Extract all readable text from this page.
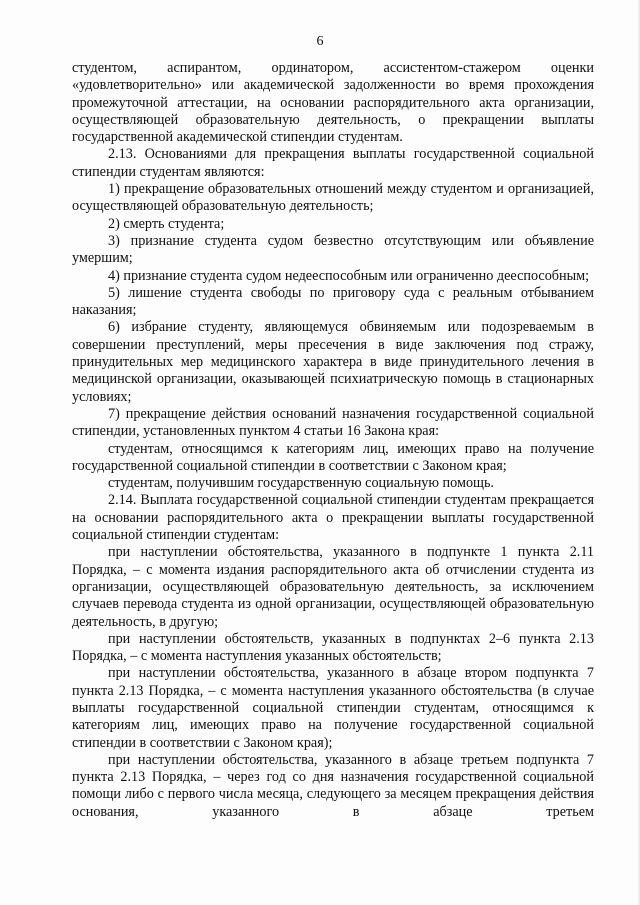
6

студентом, аспирантом, ординатором, ассистентом-стажером оценки «удовлетворительно» или академической задолженности во время прохождения промежуточной аттестации, на основании распорядительного акта организации, осуществляющей образовательную деятельность, о прекращении выплаты государственной академической стипендии студентам.

2.13. Основаниями для прекращения выплаты государственной социальной стипендии студентам являются:

1) прекращение образовательных отношений между студентом и организацией, осуществляющей образовательную деятельность;

2) смерть студента;

3) признание студента судом безвестно отсутствующим или объявление умершим;

4) признание студента судом недееспособным или ограниченно дееспособным;

5) лишение студента свободы по приговору суда с реальным отбыванием наказания;

6) избрание студенту, являющемуся обвиняемым или подозреваемым в совершении преступлений, меры пресечения в виде заключения под стражу, принудительных мер медицинского характера в виде принудительного лечения в медицинской организации, оказывающей психиатрическую помощь в стационарных условиях;

7) прекращение действия оснований назначения государственной социальной стипендии, установленных пунктом 4 статьи 16 Закона края:

студентам, относящимся к категориям лиц, имеющих право на получение государственной социальной стипендии в соответствии с Законом края;

студентам, получившим государственную социальную помощь.

2.14. Выплата государственной социальной стипендии студентам прекращается на основании распорядительного акта о прекращении выплаты государственной социальной стипендии студентам:

при наступлении обстоятельства, указанного в подпункте 1 пункта 2.11 Порядка, – с момента издания распорядительного акта об отчислении студента из организации, осуществляющей образовательную деятельность, за исключением случаев перевода студента из одной организации, осуществляющей образовательную деятельность, в другую;

при наступлении обстоятельств, указанных в подпунктах 2–6 пункта 2.13 Порядка, – с момента наступления указанных обстоятельств;

при наступлении обстоятельства, указанного в абзаце втором подпункта 7 пункта 2.13 Порядка, – с момента наступления указанного обстоятельства (в случае выплаты государственной социальной стипендии студентам, относящимся к категориям лиц, имеющих право на получение государственной социальной стипендии в соответствии с Законом края);

при наступлении обстоятельства, указанного в абзаце третьем подпункта 7 пункта 2.13 Порядка, – через год со дня назначения государственной социальной помощи либо с первого числа месяца, следующего за месяцем прекращения действия основания, указанного в абзаце третьем
